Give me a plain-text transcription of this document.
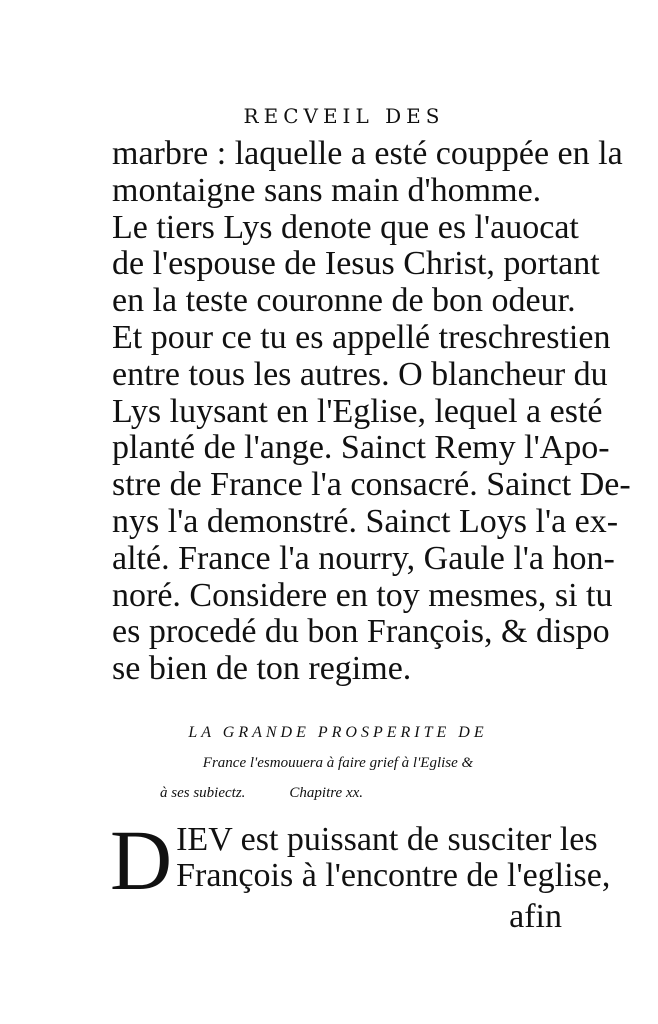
RECVEIL DES
marbre : laquelle a esté couppée en la
montaigne sans main d'homme.
Le tiers Lys denote que es l'auocat
de l'espouse de Iesus Christ, portant
en la teste couronne de bon odeur.
Et pour ce tu es appellé treschrestien
entre tous les autres. O blancheur du
Lys luysant en l'Eglise, lequel a esté
planté de l'ange. Sainct Remy l'Apo-
stre de France l'a consacré. Sainct De-
nys l'a demonstré. Sainct Loys l'a ex-
alté. France l'a nourry, Gaule l'a hon-
noré. Considere en toy mesmes, si tu
es procedé du bon François, & dispo
se bien de ton regime.
LA GRANDE PROSPERITE DE
France l'esmouuera à faire grief à l'Eglise &
à ses subiectz.	Chapitre xx.
D IEV est puissant de susciter les
François à l'encontre de l'eglise,
afin
